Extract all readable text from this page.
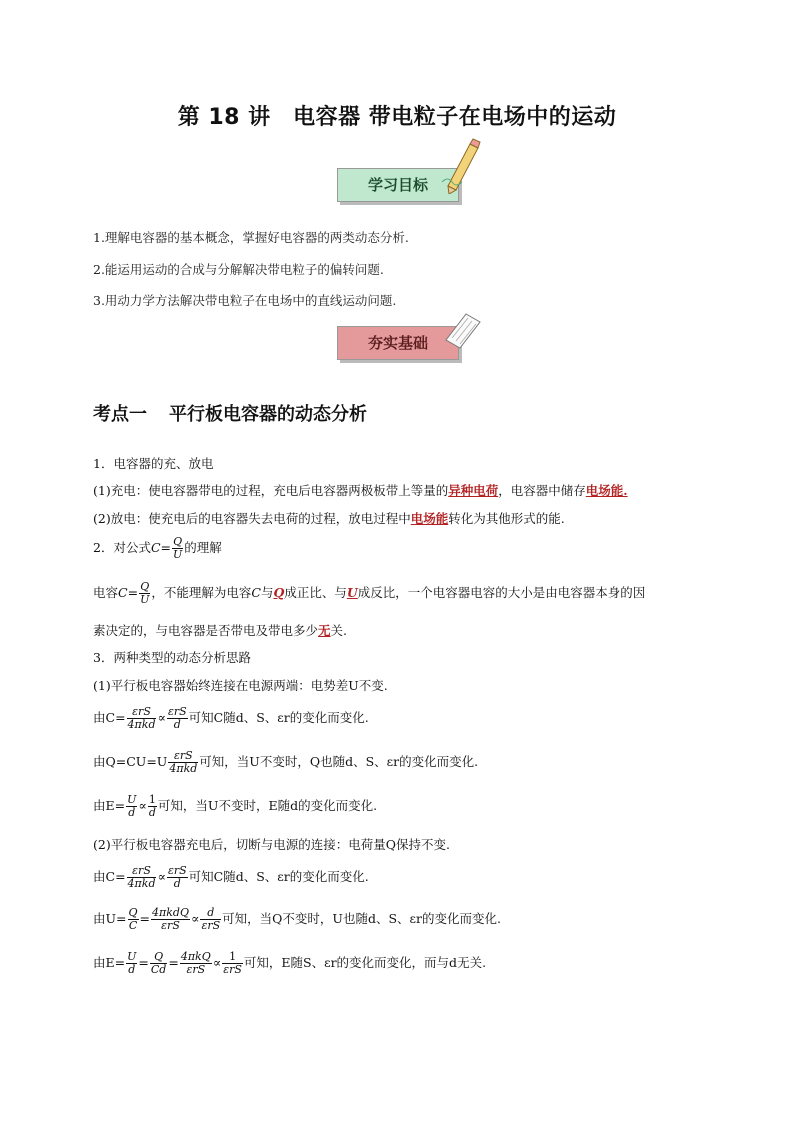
第 18 讲　电容器 带电粒子在电场中的运动
学习目标
1.理解电容器的基本概念，掌握好电容器的两类动态分析.
2.能运用运动的合成与分解解决带电粒子的偏转问题.
3.用动力学方法解决带电粒子在电场中的直线运动问题.
夯实基础
考点一 平行板电容器的动态分析
1．电容器的充、放电
(1)充电：使电容器带电的过程，充电后电容器两极板带上等量的异种电荷，电容器中储存电场能.
(2)放电：使充电后的电容器失去电荷的过程，放电过程中电场能转化为其他形式的能.
2．对公式$C= \frac{Q}{U}$ 的理解
电容$C= \frac{Q}{U}$ ，不能理解为电容C与Q成正比、与U成反比，一个电容器电容的大小是由电容器本身的因
素决定的，与电容器是否带电及带电多少无关.
3．两种类型的动态分析思路
(1)平行板电容器始终连接在电源两端：电势差U不变.
由$C= \frac{\text{εrS}}{\text{4πkd}} \propto \frac{\text{εrS}}{d}$ 可知C随d、S、εr的变化而变化.
由$Q=CU=U \frac{\text{εrS}}{\text{4πkd}}$ 可知，当U不变时，Q也随d、S、εr的变化而变化.
由$E= \frac{U}{d} \propto \frac{1}{d}$ 可知，当U不变时，E随d的变化而变化.
(2)平行板电容器充电后，切断与电源的连接：电荷量Q保持不变.
由$C= \frac{\text{εrS}}{\text{4πkd}} \propto \frac{\text{εrS}}{d}$ 可知C随d、S、εr的变化而变化.
由$U= \frac{Q}{C} = \frac{\text{4πkdQ}}{\text{εrS}} \propto \frac{d}{\text{εrS}}$ 可知，当Q不变时，U也随d、S、εr的变化而变化.
由$E= \frac{U}{d} = \frac{Q}{Cd} = \frac{\text{4πkQ}}{\text{εrS}} \propto \frac{1}{\text{εrS}}$ 可知，E随S、εr的变化而变化，而与d无关.
